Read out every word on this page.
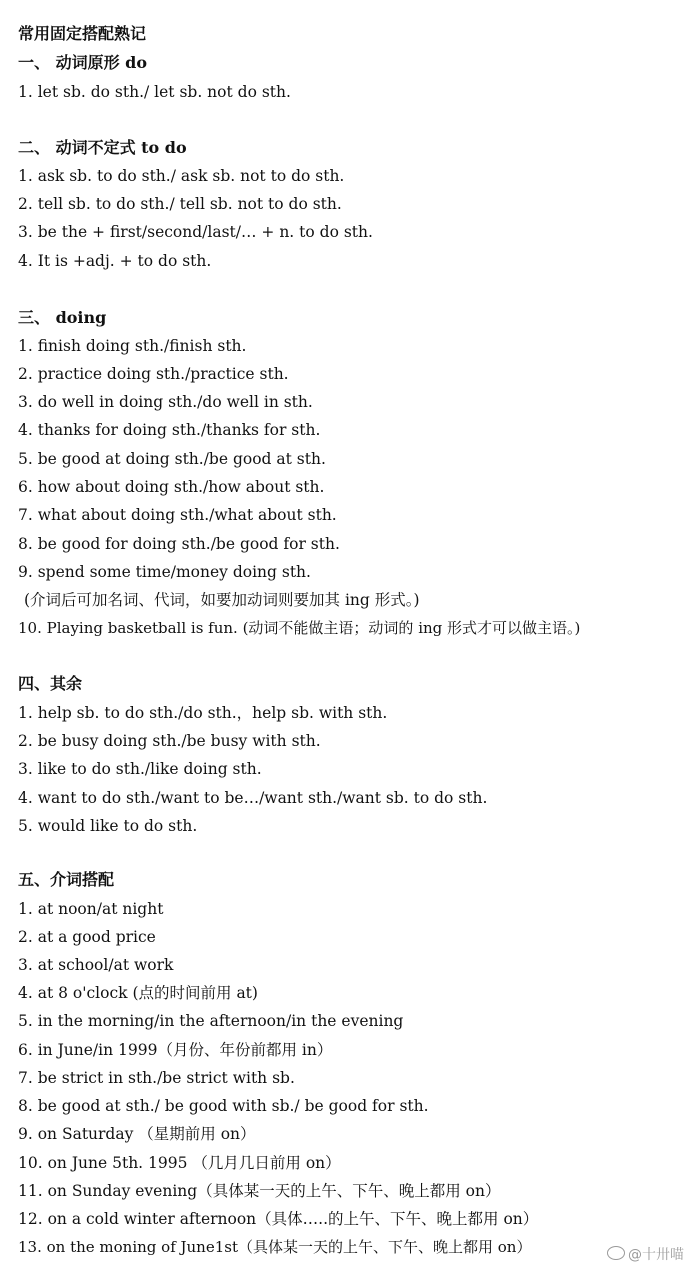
常用固定搭配熟记
一、 动词原形 do
1. let sb. do sth./ let sb. not do sth.
二、 动词不定式 to do
1. ask sb. to do sth./ ask sb. not to do sth.
2. tell sb. to do sth./ tell sb. not to do sth.
3. be the + first/second/last/… + n. to do sth.
4. It is +adj. + to do sth.
三、 doing
1. finish doing sth./finish sth.
2. practice doing sth./practice sth.
3. do well in doing sth./do well in sth.
4. thanks for doing sth./thanks for sth.
5. be good at doing sth./be good at sth.
6. how about doing sth./how about sth.
7. what about doing sth./what about sth.
8. be good for doing sth./be good for sth.
9. spend some time/money doing sth.
(介词后可加名词、代词，如要加动词则要加其 ing 形式。)
10. Playing basketball is fun. (动词不能做主语；动词的 ing 形式才可以做主语。)
四、其余
1. help sb. to do sth./do sth.，help sb. with sth.
2. be busy doing sth./be busy with sth.
3. like to do sth./like doing sth.
4. want to do sth./want to be…/want sth./want sb. to do sth.
5. would like to do sth.
五、介词搭配
1. at noon/at night
2. at a good price
3. at school/at work
4. at 8 o'clock (点的时间前用 at)
5. in the morning/in the afternoon/in the evening
6. in June/in 1999（月份、年份前都用 in）
7. be strict in sth./be strict with sb.
8. be good at sth./ be good with sb./ be good for sth.
9. on Saturday （星期前用 on）
10. on June 5th. 1995 （几月几日前用 on）
11. on Sunday evening（具体某一天的上午、下午、晚上都用 on）
12. on a cold winter afternoon（具体…..的上午、下午、晚上都用 on）
13. on the moning of June1st（具体某一天的上午、下午、晚上都用 on）	@十卅喵
